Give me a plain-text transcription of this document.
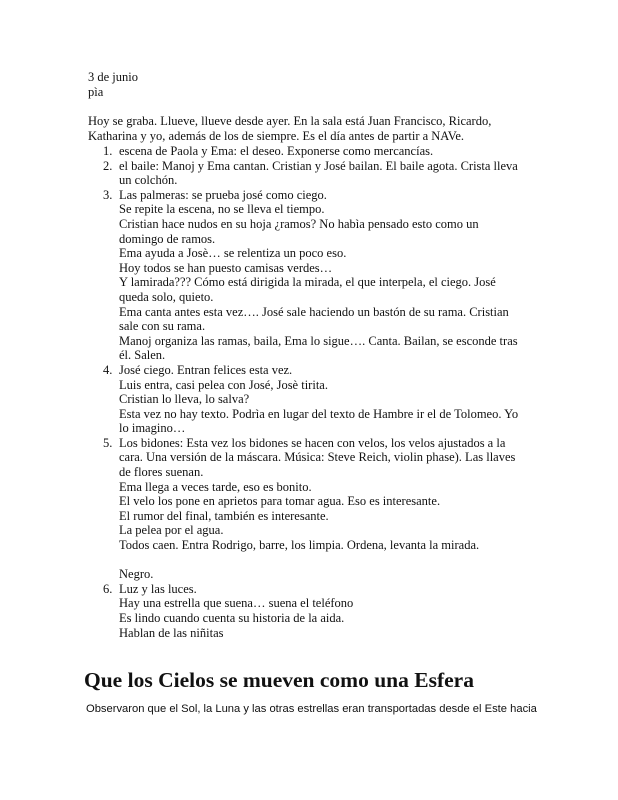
3 de junio
pìa
Hoy se graba. Llueve, llueve desde ayer. En la sala está Juan Francisco, Ricardo,
Katharina y yo, además de los de siempre. Es el día antes de partir a NAVe.
1. escena de Paola y Ema: el deseo. Exponerse como mercancías.
2. el baile: Manoj y Ema cantan. Cristian y José bailan. El baile agota. Crista lleva
un colchón.
3. Las palmeras: se prueba josé como ciego.
Se repite la escena, no se lleva el tiempo.
Cristian hace nudos en su hoja ¿ramos? No habìa pensado esto como un
domingo de ramos.
Ema ayuda a Josè… se relentiza un poco eso.
Hoy todos se han puesto camisas verdes…
Y lamirada??? Cómo está dirigida la mirada, el que interpela, el ciego. José
queda solo, quieto.
Ema canta antes esta vez…. José sale haciendo un bastón de su rama. Cristian
sale con su rama.
Manoj organiza las ramas, baila, Ema lo sigue…. Canta. Bailan, se esconde tras
él. Salen.
4. José ciego. Entran felices esta vez.
Luis entra, casi pelea con José, Josè tirita.
Cristian lo lleva, lo salva?
Esta vez no hay texto. Podrìa en lugar del texto de Hambre ir el de Tolomeo. Yo
lo imagino…
5. Los bidones: Esta vez los bidones se hacen con velos, los velos ajustados a la
cara. Una versión de la máscara. Música: Steve Reich, violin phase). Las llaves
de flores suenan.
Ema llega a veces tarde, eso es bonito.
El velo los pone en aprietos para tomar agua. Eso es interesante.
El rumor del final, también es interesante.
La pelea por el agua.
Todos caen. Entra Rodrigo, barre, los limpia. Ordena, levanta la mirada.
Negro.
6. Luz y las luces.
Hay una estrella que suena… suena el teléfono
Es lindo cuando cuenta su historia de la aida.
Hablan de las niñitas
Que los Cielos se mueven como una Esfera
Observaron que el Sol, la Luna y las otras estrellas eran transportadas desde el Este hacia
